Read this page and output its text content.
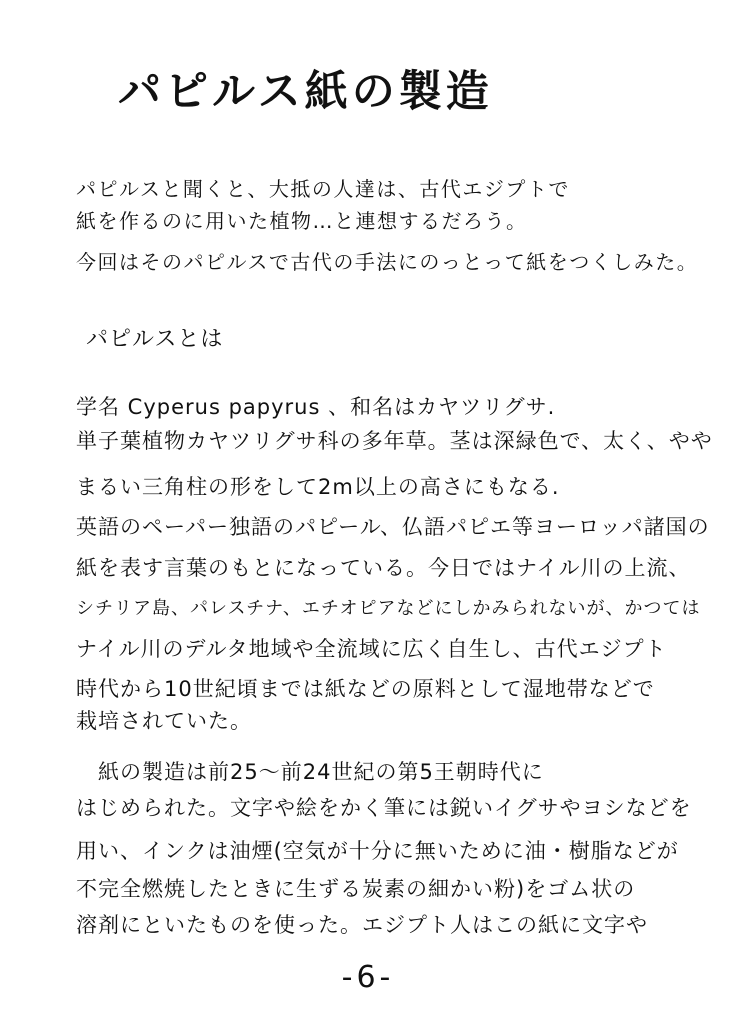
パピルス紙の製造
パピルスと聞くと、大抵の人達は、古代エジプトで
紙を作るのに用いた植物…と連想するだろう。
今回はそのパピルスで古代の手法にのっとって紙をつくしみた。
パピルスとは
学名 Cyperus papyrus 、和名はカヤツリグサ.
単子葉植物カヤツリグサ科の多年草。茎は深緑色で、太く、やや
まるい三角柱の形をして2m以上の高さにもなる.
英語のペーパー独語のパピール、仏語パピエ等ヨーロッパ諸国の
紙を表す言葉のもとになっている。今日ではナイル川の上流、
シチリア島、パレスチナ、エチオピアなどにしかみられないが、かつては
ナイル川のデルタ地域や全流域に広く自生し、古代エジプト
時代から10世紀頃までは紙などの原料として湿地帯などで
栽培されていた。
　紙の製造は前25～前24世紀の第5王朝時代に
はじめられた。文字や絵をかく筆には鋭いイグサやヨシなどを
用い、インクは油煙(空気が十分に無いために油・樹脂などが
不完全燃焼したときに生ずる炭素の細かい粉)をゴム状の
溶剤にといたものを使った。エジプト人はこの紙に文字や
-6-
